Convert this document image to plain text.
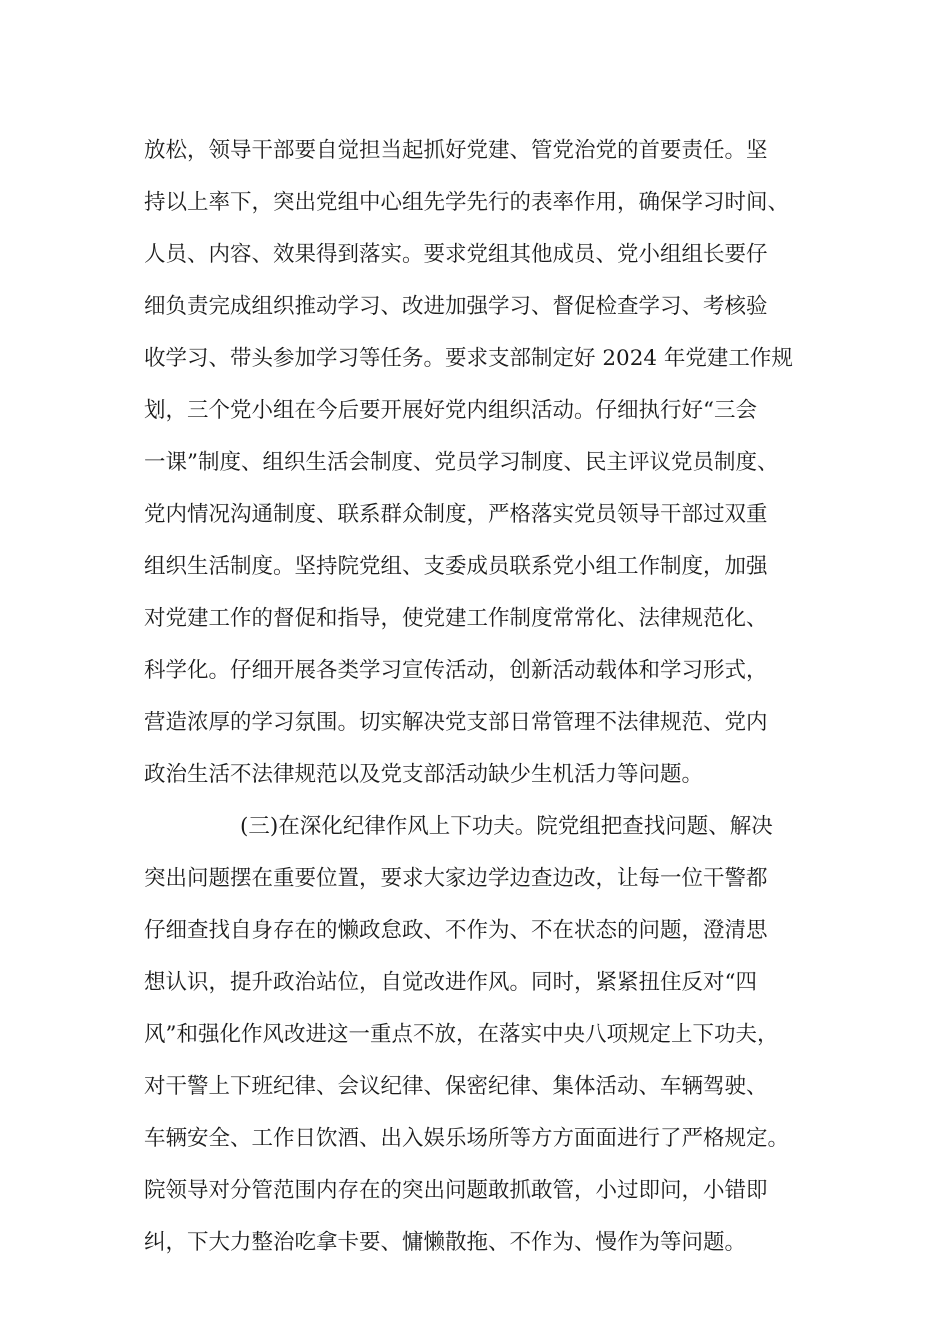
放松，领导干部要自觉担当起抓好党建、管党治党的首要责任。坚
持以上率下，突出党组中心组先学先行的表率作用，确保学习时间、
人员、内容、效果得到落实。要求党组其他成员、党小组组长要仔
细负责完成组织推动学习、改进加强学习、督促检查学习、考核验
收学习、带头参加学习等任务。要求支部制定好 2024 年党建工作规
划，三个党小组在今后要开展好党内组织活动。仔细执行好“三会
一课”制度、组织生活会制度、党员学习制度、民主评议党员制度、
党内情况沟通制度、联系群众制度，严格落实党员领导干部过双重
组织生活制度。坚持院党组、支委成员联系党小组工作制度，加强
对党建工作的督促和指导，使党建工作制度常常化、法律规范化、
科学化。仔细开展各类学习宣传活动，创新活动载体和学习形式，
营造浓厚的学习氛围。切实解决党支部日常管理不法律规范、党内
政治生活不法律规范以及党支部活动缺少生机活力等问题。
(三)在深化纪律作风上下功夫。院党组把查找问题、解决
突出问题摆在重要位置，要求大家边学边查边改，让每一位干警都
仔细查找自身存在的懒政怠政、不作为、不在状态的问题，澄清思
想认识，提升政治站位，自觉改进作风。同时，紧紧扭住反对“四
风”和强化作风改进这一重点不放，在落实中央八项规定上下功夫，
对干警上下班纪律、会议纪律、保密纪律、集体活动、车辆驾驶、
车辆安全、工作日饮酒、出入娱乐场所等方方面面进行了严格规定。
院领导对分管范围内存在的突出问题敢抓敢管，小过即问，小错即
纠，下大力整治吃拿卡要、慵懒散拖、不作为、慢作为等问题。
